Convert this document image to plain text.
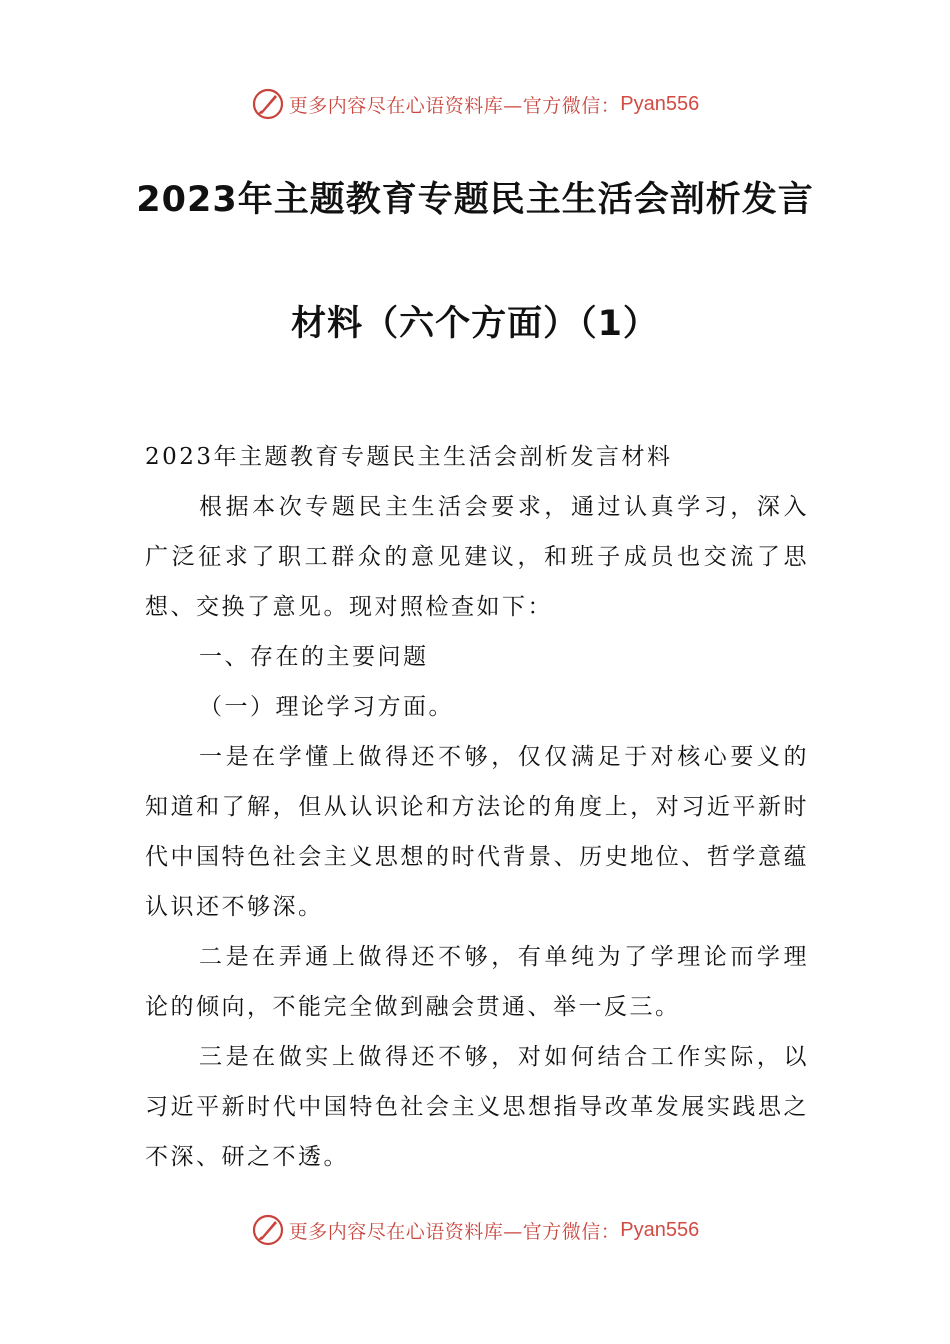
更多内容尽在心语资料库—官方微信： Pyan556
2023年主题教育专题民主生活会剖析发言
材料（六个方面）（1）

2023年主题教育专题民主生活会剖析发言材料

根据本次专题民主生活会要求，通过认真学习，深入广泛征求了职工群众的意见建议，和班子成员也交流了思想、交换了意见。现对照检查如下：

一、存在的主要问题

（一）理论学习方面。

一是在学懂上做得还不够，仅仅满足于对核心要义的知道和了解，但从认识论和方法论的角度上，对习近平新时代中国特色社会主义思想的时代背景、历史地位、哲学意蕴认识还不够深。

二是在弄通上做得还不够，有单纯为了学理论而学理论的倾向，不能完全做到融会贯通、举一反三。

三是在做实上做得还不够，对如何结合工作实际，以习近平新时代中国特色社会主义思想指导改革发展实践思之不深、研之不透。

更多内容尽在心语资料库—官方微信： Pyan556
